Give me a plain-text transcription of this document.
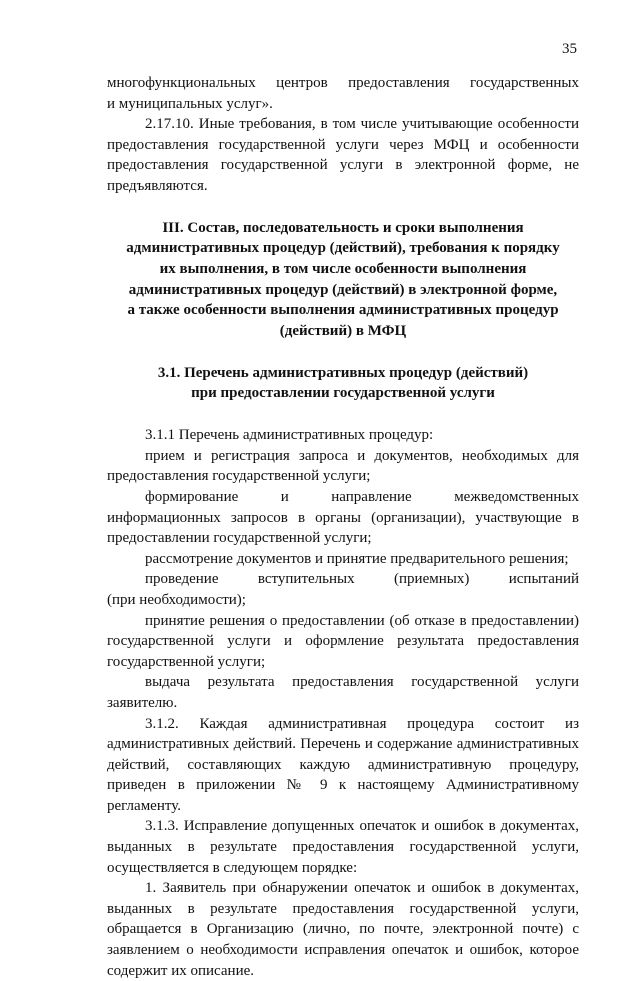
35

многофункциональных центров предоставления государственных

и муниципальных услуг».

2.17.10. Иные требования, в том числе учитывающие особенности предоставления государственной услуги через МФЦ и особенности предоставления государственной услуги в электронной форме, не предъявляются.

III. Состав, последовательность и сроки выполнения
административных процедур (действий), требования к порядку
их выполнения, в том числе особенности выполнения
административных процедур (действий) в электронной форме,
а также особенности выполнения административных процедур
(действий) в МФЦ
3.1. Перечень административных процедур (действий)
при предоставлении государственной услуги

3.1.1 Перечень административных процедур:

прием и регистрация запроса и документов, необходимых для предоставления государственной услуги;

формирование и направление межведомственных информационных запросов в органы (организации), участвующие в предоставлении государственной услуги;

рассмотрение документов и принятие предварительного решения;

проведение вступительных (приемных) испытаний

(при необходимости);

принятие решения о предоставлении (об отказе в предоставлении) государственной услуги и оформление результата предоставления государственной услуги;

выдача результата предоставления государственной услуги заявителю.

3.1.2. Каждая административная процедура состоит из административных действий. Перечень и содержание административных действий, составляющих каждую административную процедуру, приведен в приложении № 9 к настоящему Административному регламенту.

3.1.3. Исправление допущенных опечаток и ошибок в документах, выданных в результате предоставления государственной услуги, осуществляется в следующем порядке:

1. Заявитель при обнаружении опечаток и ошибок в документах, выданных в результате предоставления государственной услуги, обращается в Организацию (лично, по почте, электронной почте) с заявлением о необходимости исправления опечаток и ошибок, которое содержит их описание.
